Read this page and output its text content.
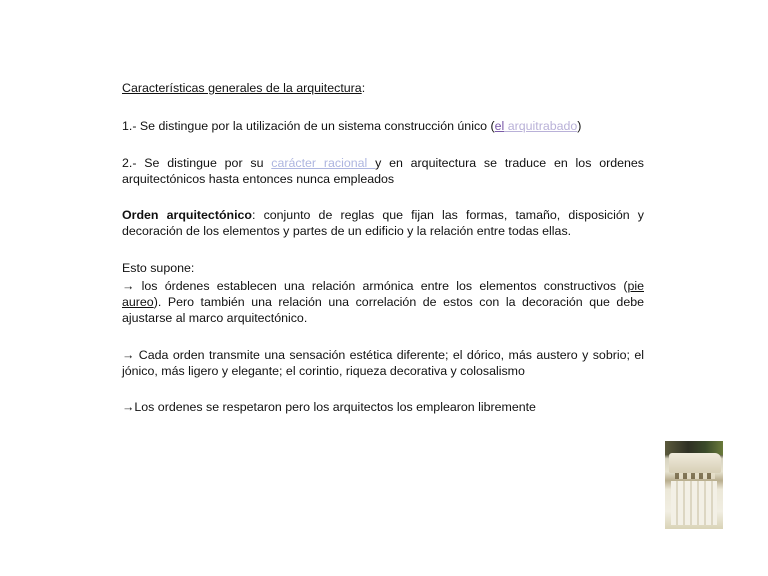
Características generales de la arquitectura:

1.- Se distingue por la utilización de un sistema construcción único (el arquitrabado)

2.- Se distingue por su carácter racional y en arquitectura se traduce en los ordenes arquitectónicos hasta entonces nunca empleados

Orden arquitectónico: conjunto de reglas que fijan las formas, tamaño, disposición y decoración de los elementos y partes de un edificio y la relación entre todas ellas.

Esto supone:

→ los órdenes establecen una relación armónica entre los elementos constructivos (pie aureo). Pero también una relación una correlación de estos con la decoración que debe ajustarse al marco arquitectónico.

→ Cada orden transmite una sensación estética diferente; el dórico, más austero y sobrio; el jónico, más ligero y elegante; el corintio, riqueza decorativa y colosalismo

→Los ordenes se respetaron pero los arquitectos los emplearon libremente
